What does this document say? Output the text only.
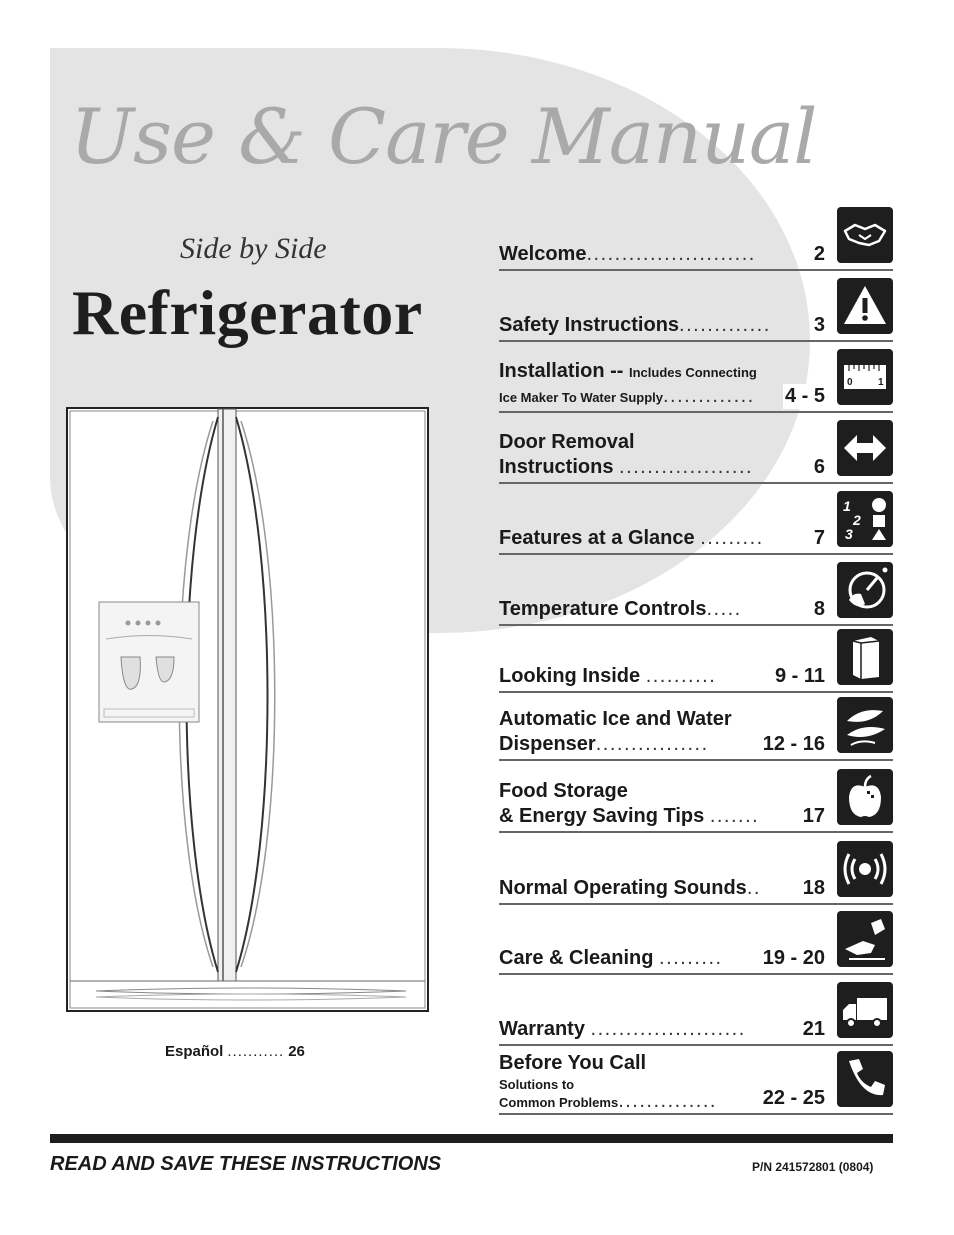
Use & Care Manual
Side by Side
Refrigerator
Español ........... 26
Welcome........................	2
Safety Instructions.............	3
Installation -- Includes Connecting
Ice Maker To Water Supply.............	4 - 5
0	1
Door Removal
Instructions ...................	6
Features at a Glance .........	7
1
2
3
Temperature Controls.....	8
Looking Inside ..........	9 - 11
Automatic Ice and Water
Dispenser................	12 - 16
Food Storage
& Energy Saving Tips .......	17
Normal Operating Sounds..	18
Care & Cleaning .........	19 - 20
Warranty ......................	21
Before You Call
Solutions to
Common Problems..............	22 - 25
READ AND SAVE THESE INSTRUCTIONS	P/N 241572801 (0804)
